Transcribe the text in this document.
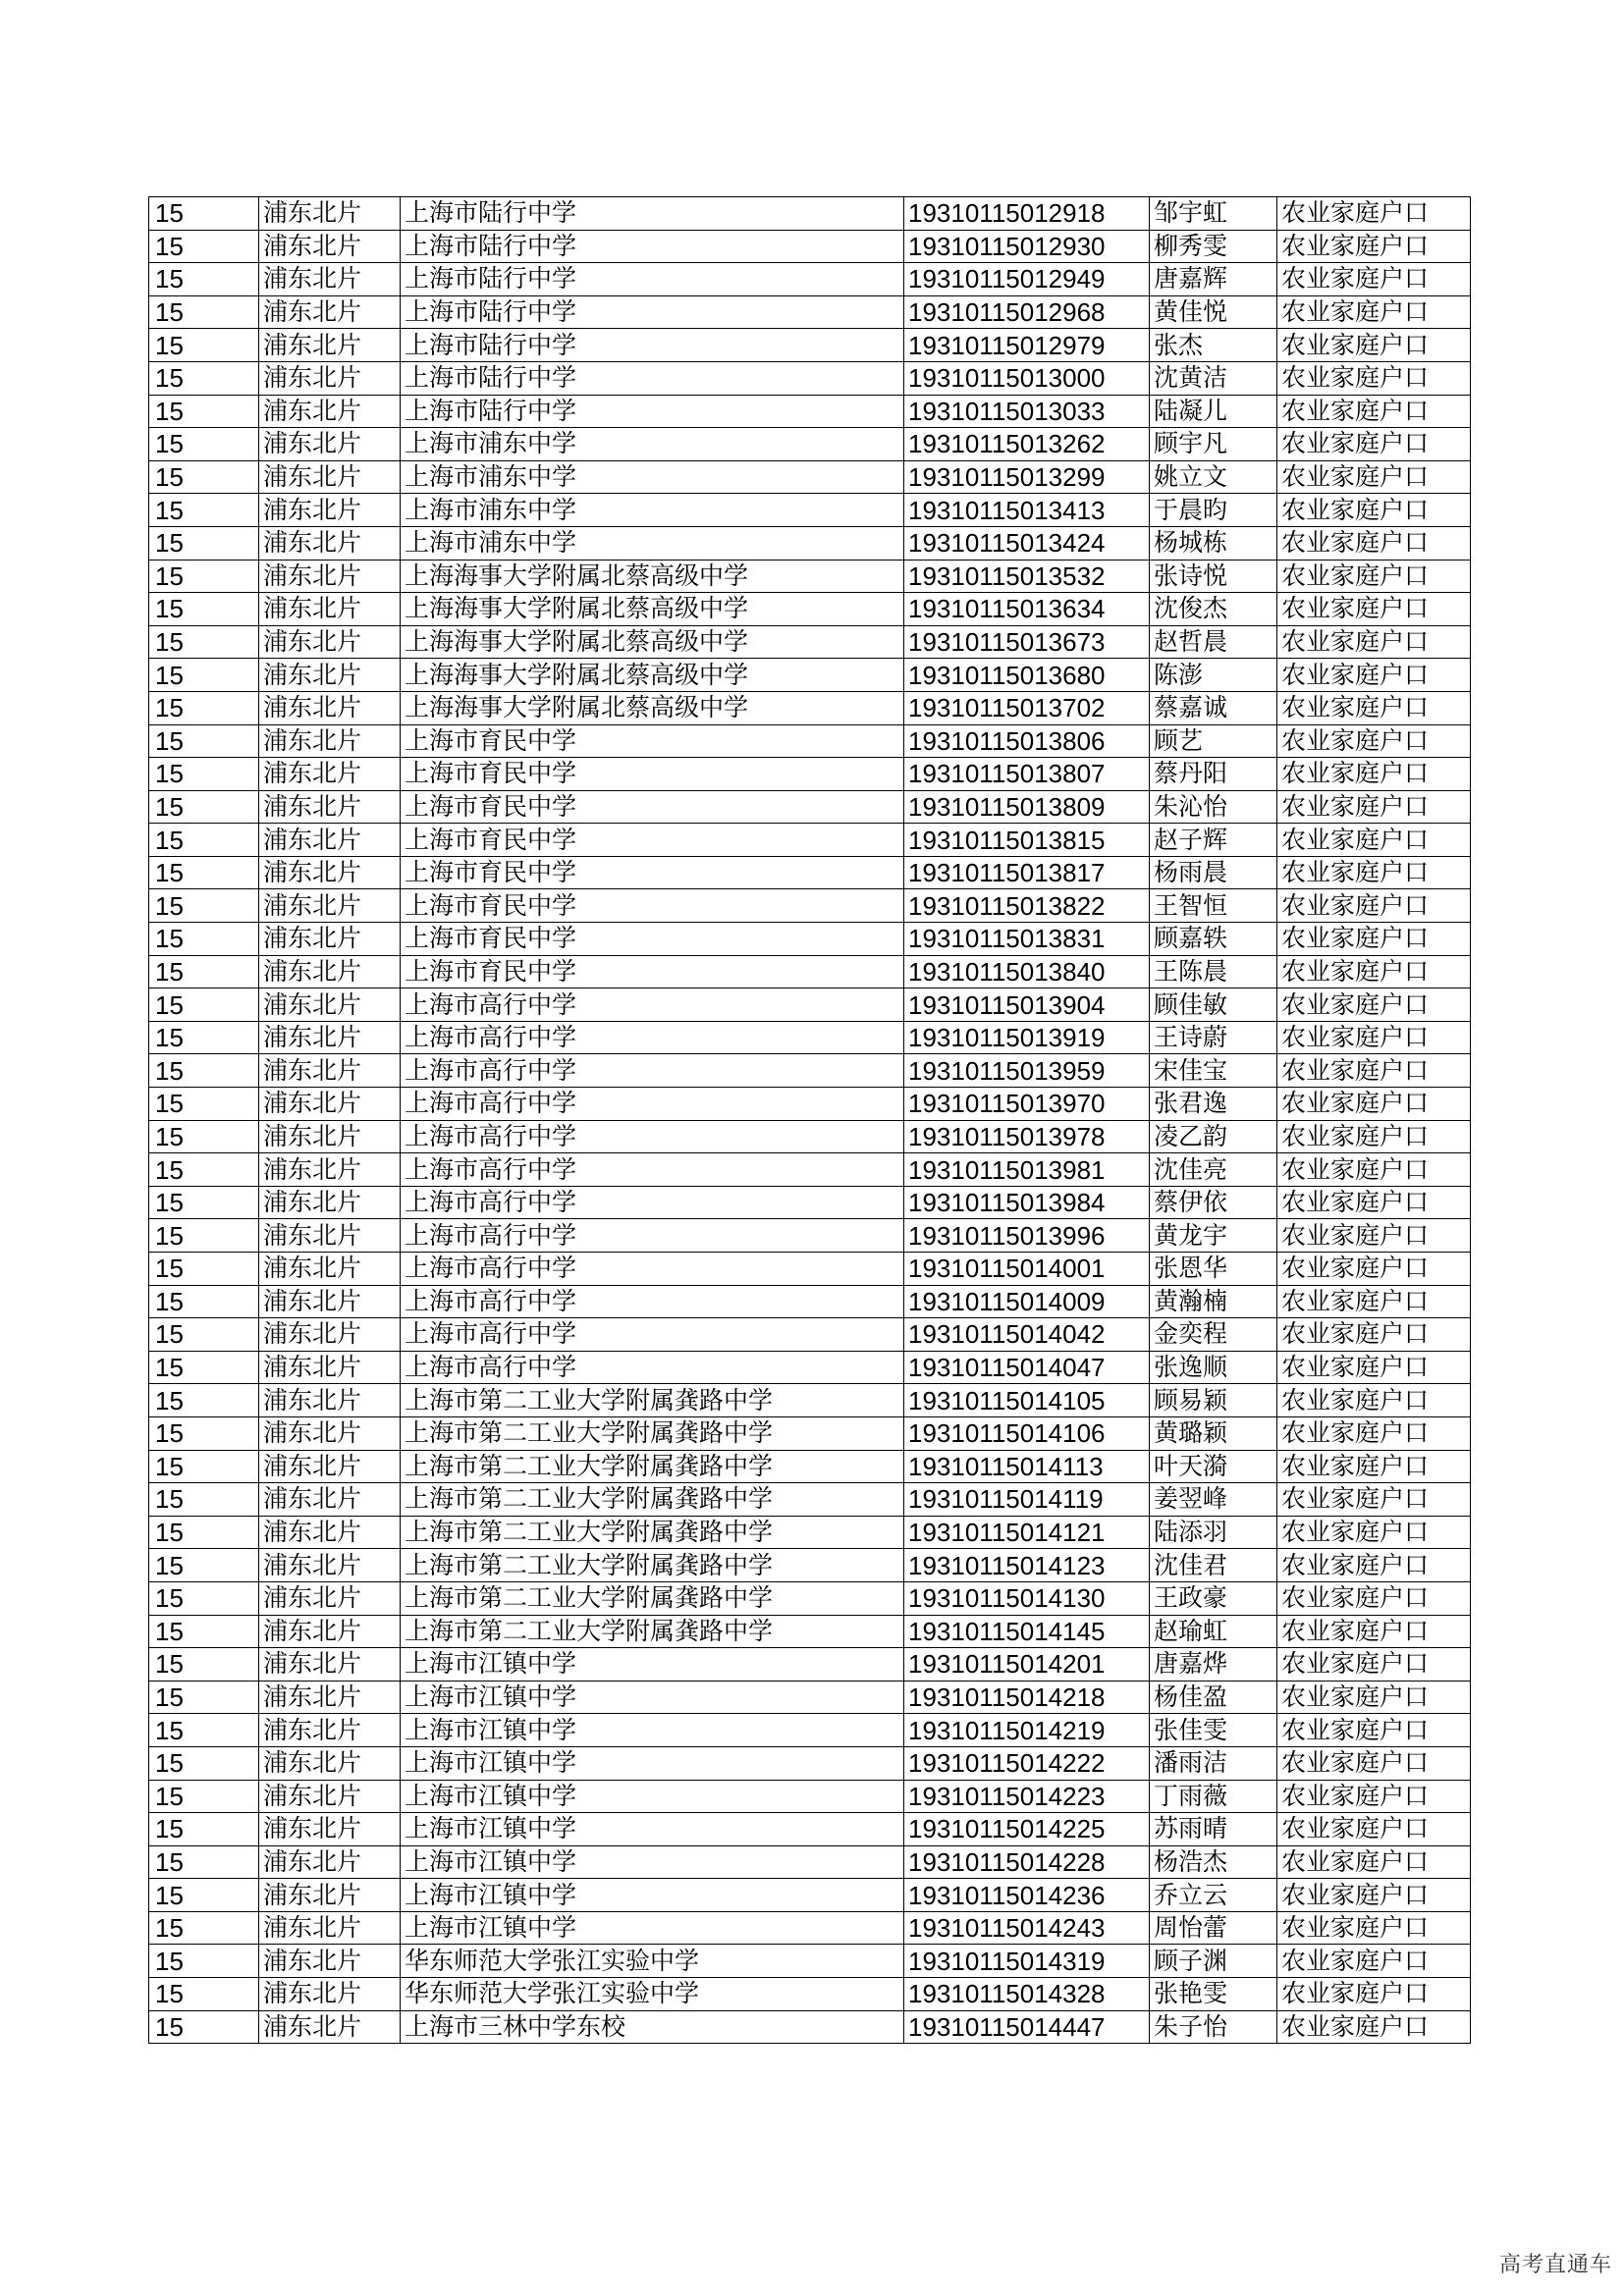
15	浦东北片	上海市陆行中学	19310115012918	邹宇虹	农业家庭户口
15	浦东北片	上海市陆行中学	19310115012930	柳秀雯	农业家庭户口
15	浦东北片	上海市陆行中学	19310115012949	唐嘉辉	农业家庭户口
15	浦东北片	上海市陆行中学	19310115012968	黄佳悦	农业家庭户口
15	浦东北片	上海市陆行中学	19310115012979	张杰	农业家庭户口
15	浦东北片	上海市陆行中学	19310115013000	沈黄洁	农业家庭户口
15	浦东北片	上海市陆行中学	19310115013033	陆凝儿	农业家庭户口
15	浦东北片	上海市浦东中学	19310115013262	顾宇凡	农业家庭户口
15	浦东北片	上海市浦东中学	19310115013299	姚立文	农业家庭户口
15	浦东北片	上海市浦东中学	19310115013413	于晨昀	农业家庭户口
15	浦东北片	上海市浦东中学	19310115013424	杨城栋	农业家庭户口
15	浦东北片	上海海事大学附属北蔡高级中学	19310115013532	张诗悦	农业家庭户口
15	浦东北片	上海海事大学附属北蔡高级中学	19310115013634	沈俊杰	农业家庭户口
15	浦东北片	上海海事大学附属北蔡高级中学	19310115013673	赵哲晨	农业家庭户口
15	浦东北片	上海海事大学附属北蔡高级中学	19310115013680	陈澎	农业家庭户口
15	浦东北片	上海海事大学附属北蔡高级中学	19310115013702	蔡嘉诚	农业家庭户口
15	浦东北片	上海市育民中学	19310115013806	顾艺	农业家庭户口
15	浦东北片	上海市育民中学	19310115013807	蔡丹阳	农业家庭户口
15	浦东北片	上海市育民中学	19310115013809	朱沁怡	农业家庭户口
15	浦东北片	上海市育民中学	19310115013815	赵子辉	农业家庭户口
15	浦东北片	上海市育民中学	19310115013817	杨雨晨	农业家庭户口
15	浦东北片	上海市育民中学	19310115013822	王智恒	农业家庭户口
15	浦东北片	上海市育民中学	19310115013831	顾嘉轶	农业家庭户口
15	浦东北片	上海市育民中学	19310115013840	王陈晨	农业家庭户口
15	浦东北片	上海市高行中学	19310115013904	顾佳敏	农业家庭户口
15	浦东北片	上海市高行中学	19310115013919	王诗蔚	农业家庭户口
15	浦东北片	上海市高行中学	19310115013959	宋佳宝	农业家庭户口
15	浦东北片	上海市高行中学	19310115013970	张君逸	农业家庭户口
15	浦东北片	上海市高行中学	19310115013978	凌乙韵	农业家庭户口
15	浦东北片	上海市高行中学	19310115013981	沈佳亮	农业家庭户口
15	浦东北片	上海市高行中学	19310115013984	蔡伊依	农业家庭户口
15	浦东北片	上海市高行中学	19310115013996	黄龙宇	农业家庭户口
15	浦东北片	上海市高行中学	19310115014001	张恩华	农业家庭户口
15	浦东北片	上海市高行中学	19310115014009	黄瀚楠	农业家庭户口
15	浦东北片	上海市高行中学	19310115014042	金奕程	农业家庭户口
15	浦东北片	上海市高行中学	19310115014047	张逸顺	农业家庭户口
15	浦东北片	上海市第二工业大学附属龚路中学	19310115014105	顾易颖	农业家庭户口
15	浦东北片	上海市第二工业大学附属龚路中学	19310115014106	黄璐颖	农业家庭户口
15	浦东北片	上海市第二工业大学附属龚路中学	19310115014113	叶天漪	农业家庭户口
15	浦东北片	上海市第二工业大学附属龚路中学	19310115014119	姜翌峰	农业家庭户口
15	浦东北片	上海市第二工业大学附属龚路中学	19310115014121	陆添羽	农业家庭户口
15	浦东北片	上海市第二工业大学附属龚路中学	19310115014123	沈佳君	农业家庭户口
15	浦东北片	上海市第二工业大学附属龚路中学	19310115014130	王政豪	农业家庭户口
15	浦东北片	上海市第二工业大学附属龚路中学	19310115014145	赵瑜虹	农业家庭户口
15	浦东北片	上海市江镇中学	19310115014201	唐嘉烨	农业家庭户口
15	浦东北片	上海市江镇中学	19310115014218	杨佳盈	农业家庭户口
15	浦东北片	上海市江镇中学	19310115014219	张佳雯	农业家庭户口
15	浦东北片	上海市江镇中学	19310115014222	潘雨洁	农业家庭户口
15	浦东北片	上海市江镇中学	19310115014223	丁雨薇	农业家庭户口
15	浦东北片	上海市江镇中学	19310115014225	苏雨晴	农业家庭户口
15	浦东北片	上海市江镇中学	19310115014228	杨浩杰	农业家庭户口
15	浦东北片	上海市江镇中学	19310115014236	乔立云	农业家庭户口
15	浦东北片	上海市江镇中学	19310115014243	周怡蕾	农业家庭户口
15	浦东北片	华东师范大学张江实验中学	19310115014319	顾子渊	农业家庭户口
15	浦东北片	华东师范大学张江实验中学	19310115014328	张艳雯	农业家庭户口
15	浦东北片	上海市三林中学东校	19310115014447	朱子怡	农业家庭户口
高考直通车
